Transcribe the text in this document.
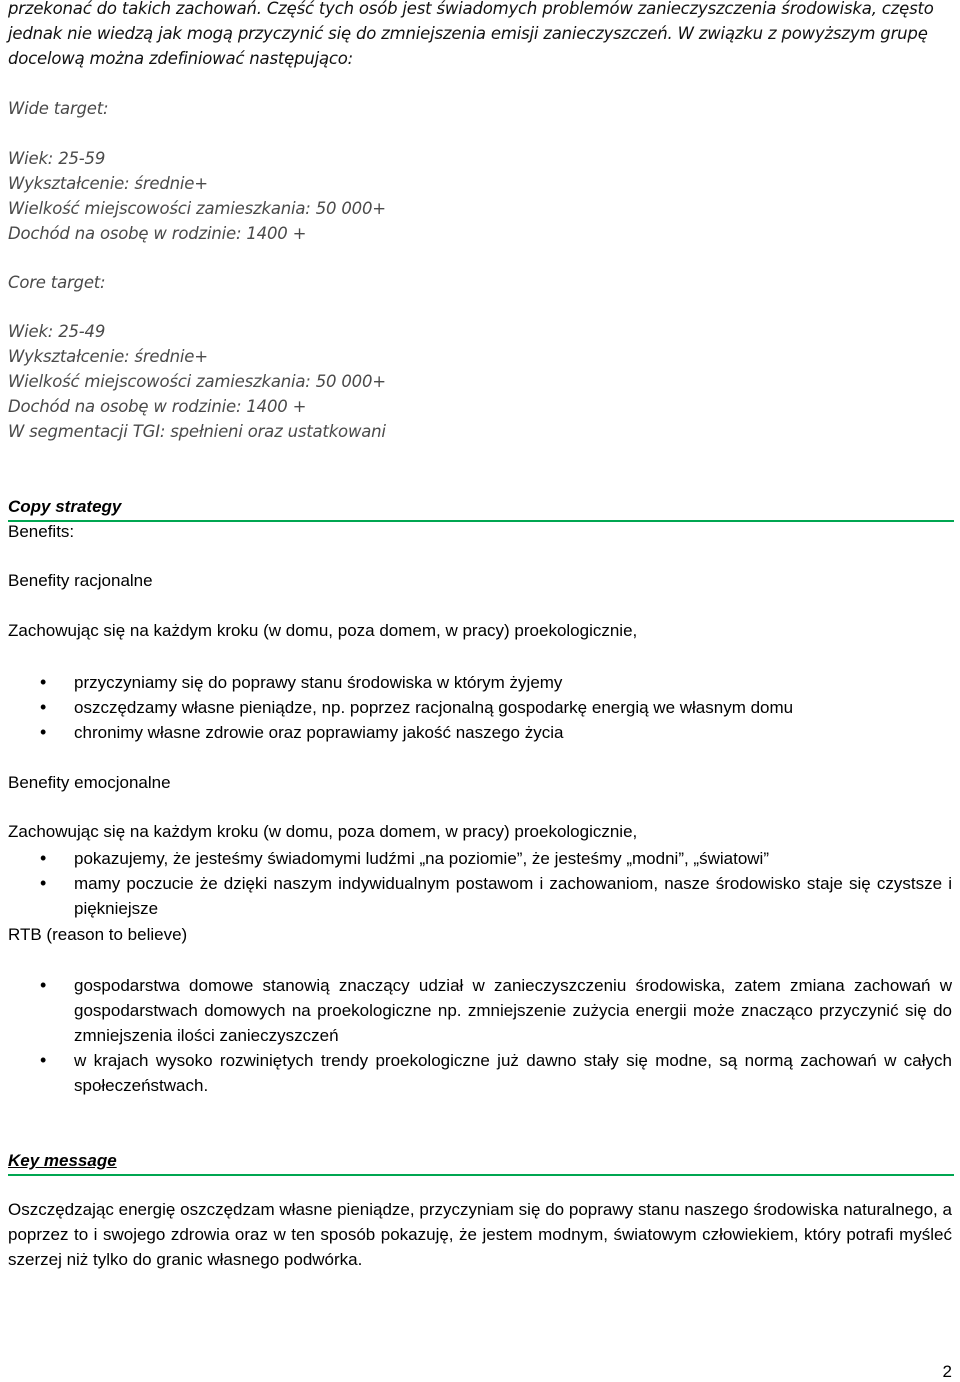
przekonać do takich zachowań. Część tych osób jest świadomych problemów zanieczyszczenia środowiska, często
jednak nie wiedzą jak mogą przyczynić się do zmniejszenia emisji zanieczyszczeń. W związku z powyższym grupę
docelową można zdefiniować następująco:
Wide target:
Wiek: 25-59
Wykształcenie: średnie+
Wielkość miejscowości zamieszkania: 50 000+
Dochód na osobę w rodzinie: 1400 +
Core target:
Wiek: 25-49
Wykształcenie: średnie+
Wielkość miejscowości zamieszkania: 50 000+
Dochód na osobę w rodzinie: 1400 +
W segmentacji TGI: spełnieni oraz ustatkowani
Copy strategy
Benefits:
Benefity racjonalne
Zachowując się na każdym kroku (w domu, poza domem, w pracy) proekologicznie,
• przyczyniamy się do poprawy stanu środowiska w którym żyjemy
• oszczędzamy własne pieniądze, np. poprzez racjonalną gospodarkę energią we własnym domu
• chronimy własne zdrowie oraz poprawiamy jakość naszego życia
Benefity emocjonalne
Zachowując się na każdym kroku (w domu, poza domem, w pracy) proekologicznie,
• pokazujemy, że jesteśmy świadomymi ludźmi „na poziomie”, że jesteśmy „modni”, „światowi”
• mamy poczucie że dzięki naszym indywidualnym postawom i zachowaniom, nasze środowisko staje się czystsze i piękniejsze
RTB (reason to believe)
• gospodarstwa domowe stanowią znaczący udział w zanieczyszczeniu środowiska, zatem zmiana zachowań w gospodarstwach domowych na proekologiczne np. zmniejszenie zużycia energii może znacząco przyczynić się do zmniejszenia ilości zanieczyszczeń
• w krajach wysoko rozwiniętych trendy proekologiczne już dawno stały się modne, są normą zachowań w całych społeczeństwach.
Key message
Oszczędzając energię oszczędzam własne pieniądze, przyczyniam się do poprawy stanu naszego środowiska naturalnego, a poprzez to i swojego zdrowia oraz w ten sposób pokazuję, że jestem modnym, światowym człowiekiem, który potrafi myśleć szerzej niż tylko do granic własnego podwórka.
2
